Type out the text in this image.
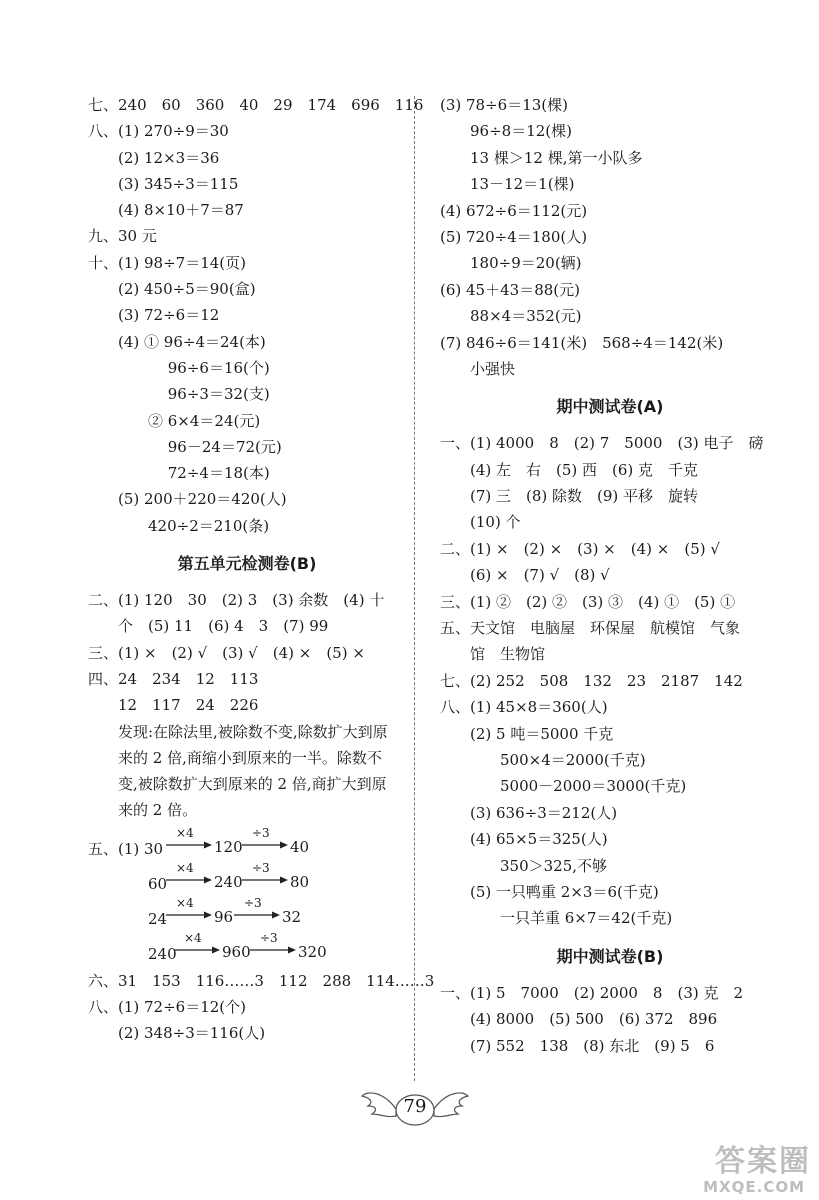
七、240　60　360　40　29　174　696　116
八、(1) 270÷9＝30
　　(2) 12×3＝36
　　(3) 345÷3＝115
　　(4) 8×10＋7＝87
九、30 元
十、(1) 98÷7＝14(页)
　　(2) 450÷5＝90(盒)
　　(3) 72÷6＝12
　　(4) ① 96÷4＝24(本)
　　　　　 96÷6＝16(个)
　　　　　 96÷3＝32(支)
　　　　② 6×4＝24(元)
　　　　　 96－24＝72(元)
　　　　　 72÷4＝18(本)
　　(5) 200＋220＝420(人)
　　　　420÷2＝210(条)
第五单元检测卷(B)
二、(1) 120　30　(2) 3　(3) 余数　(4) 十
　　个　(5) 11　(6) 4　3　(7) 99
三、(1) ×　(2) √　(3) √　(4) ×　(5) ×
四、24　234　12　113
　　12　117　24　226
　　发现:在除法里,被除数不变,除数扩大到原
　　来的 2 倍,商缩小到原来的一半。除数不
　　变,被除数扩大到原来的 2 倍,商扩大到原
　　来的 2 倍。
五、(1) 30
×4
120
÷3
40
　　　　60
×4
240
÷3
80
　　　　24
×4
96
÷3
32
　　　　240
×4
960
÷3
320
六、31　153　116……3　112　288　114……3
八、(1) 72÷6＝12(个)
　　(2) 348÷3＝116(人)
(3) 78÷6＝13(棵)
　　96÷8＝12(棵)
　　13 棵＞12 棵,第一小队多
　　13－12＝1(棵)
(4) 672÷6＝112(元)
(5) 720÷4＝180(人)
　　180÷9＝20(辆)
(6) 45＋43＝88(元)
　　88×4＝352(元)
(7) 846÷6＝141(米)　568÷4＝142(米)
　　小强快
期中测试卷(A)
一、(1) 4000　8　(2) 7　5000　(3) 电子　磅
　　(4) 左　右　(5) 西　(6) 克　千克
　　(7) 三　(8) 除数　(9) 平移　旋转
　　(10) 个
二、(1) ×　(2) ×　(3) ×　(4) ×　(5) √
　　(6) ×　(7) √　(8) √
三、(1) ②　(2) ②　(3) ③　(4) ①　(5) ①
五、天文馆　电脑屋　环保屋　航模馆　气象
　　馆　生物馆
七、(2) 252　508　132　23　2187　142
八、(1) 45×8＝360(人)
　　(2) 5 吨＝5000 千克
　　　　500×4＝2000(千克)
　　　　5000－2000＝3000(千克)
　　(3) 636÷3＝212(人)
　　(4) 65×5＝325(人)
　　　　350＞325,不够
　　(5) 一只鸭重 2×3＝6(千克)
　　　　一只羊重 6×7＝42(千克)
期中测试卷(B)
一、(1) 5　7000　(2) 2000　8　(3) 克　2
　　(4) 8000　(5) 500　(6) 372　896
　　(7) 552　138　(8) 东北　(9) 5　6
79
答案圈
MXQE.COM
